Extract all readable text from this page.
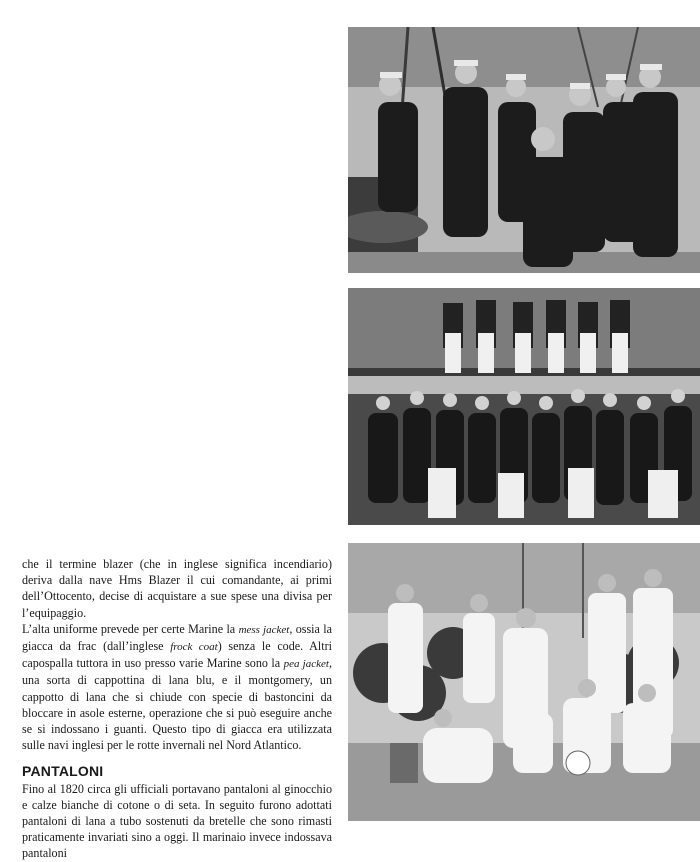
che il termine blazer (che in inglese significa incendiario) deriva dalla nave Hms Blazer il cui comandante, ai primi dell’Ottocento, decise di acquistare a sue spese una divisa per l’equipaggio.

L’alta uniforme prevede per certe Marine la mess jacket, ossia la giacca da frac (dall’inglese frock coat) senza le code. Altri capospalla tuttora in uso presso varie Marine sono la pea jacket, una sorta di cappottina di lana blu, e il montgomery, un cappotto di lana che si chiude con specie di bastoncini da bloccare in asole esterne, operazione che si può eseguire anche se si indossano i guanti. Questo tipo di giacca era utilizzata sulle navi inglesi per le rotte invernali nel Nord Atlantico.

PANTALONI

Fino al 1820 circa gli ufficiali portavano pantaloni al ginocchio e calze bianche di cotone o di seta. In seguito furono adottati pantaloni di lana a tubo sostenuti da bretelle che sono rimasti praticamente invariati sino a oggi. Il marinaio invece indossava pantaloni
